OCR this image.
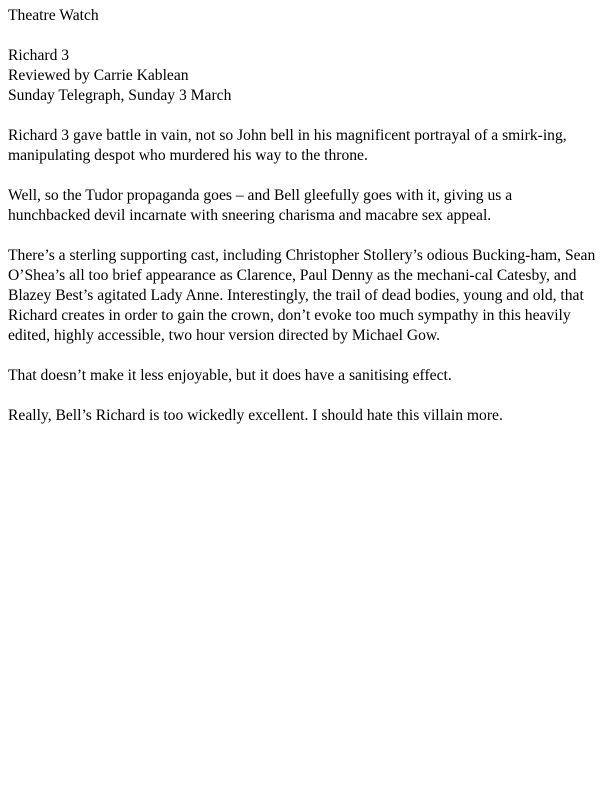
Theatre Watch
Richard 3
Reviewed by Carrie Kablean
Sunday Telegraph, Sunday 3 March

Richard 3 gave battle in vain, not so John bell in his magnificent portrayal of a smirk-ing, manipulating despot who murdered his way to the throne.

Well, so the Tudor propaganda goes – and Bell gleefully goes with it, giving us a hunchbacked devil incarnate with sneering charisma and macabre sex appeal.

There’s a sterling supporting cast, including Christopher Stollery’s odious Bucking-ham, Sean O’Shea’s all too brief appearance as Clarence, Paul Denny as the mechani-cal Catesby, and Blazey Best’s agitated Lady Anne. Interestingly, the trail of dead bodies, young and old, that Richard creates in order to gain the crown, don’t evoke too much sympathy in this heavily edited, highly accessible, two hour version directed by Michael Gow.

That doesn’t make it less enjoyable, but it does have a sanitising effect.

Really, Bell’s Richard is too wickedly excellent. I should hate this villain more.
